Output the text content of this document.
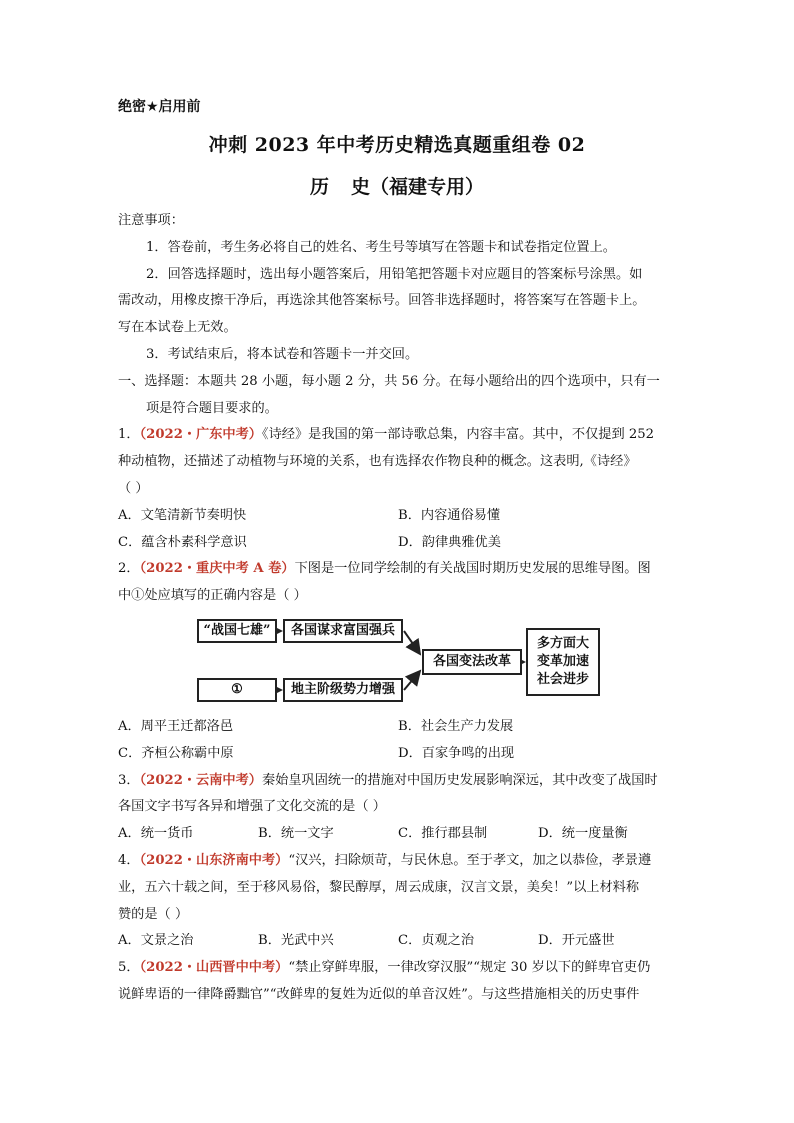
绝密★启用前
冲刺 2023 年中考历史精选真题重组卷 02
历 史（福建专用）
注意事项：
1．答卷前，考生务必将自己的姓名、考生号等填写在答题卡和试卷指定位置上。
2．回答选择题时，选出每小题答案后，用铅笔把答题卡对应题目的答案标号涂黑。如
需改动，用橡皮擦干净后，再选涂其他答案标号。回答非选择题时，将答案写在答题卡上。
写在本试卷上无效。
3．考试结束后，将本试卷和答题卡一并交回。
一、选择题：本题共 28 小题，每小题 2 分，共 56 分。在每小题给出的四个选项中，只有一
项是符合题目要求的。
1．（2022・广东中考）《诗经》是我国的第一部诗歌总集，内容丰富。其中，不仅提到 252
种动植物，还描述了动植物与环境的关系，也有选择农作物良种的概念。这表明,《诗经》
（ ）
A．文笔清新节奏明快	B．内容通俗易懂
C．蕴含朴素科学意识	D．韵律典雅优美
2．（2022・重庆中考 A 卷）下图是一位同学绘制的有关战国时期历史发展的思维导图。图
中①处应填写的正确内容是（ ）
“战国七雄”	各国谋求富国强兵
①	地主阶级势力增强
各国变法改革
多方面大
变革加速
社会进步
A．周平王迁都洛邑	B．社会生产力发展
C．齐桓公称霸中原	D．百家争鸣的出现
3．（2022・云南中考）秦始皇巩固统一的措施对中国历史发展影响深远，其中改变了战国时
各国文字书写各异和增强了文化交流的是（ ）
A．统一货币	B．统一文字	C．推行郡县制	D．统一度量衡
4．（2022・山东济南中考）“汉兴，扫除烦苛，与民休息。至于孝文，加之以恭俭，孝景遵
业，五六十载之间，至于移风易俗，黎民醇厚，周云成康，汉言文景，美矣！”以上材料称
赞的是（ ）
A．文景之治	B．光武中兴	C．贞观之治	D．开元盛世
5．（2022・山西晋中中考）“禁止穿鲜卑服，一律改穿汉服”“规定 30 岁以下的鲜卑官吏仍
说鲜卑语的一律降爵黜官”“改鲜卑的复姓为近似的单音汉姓”。与这些措施相关的历史事件
